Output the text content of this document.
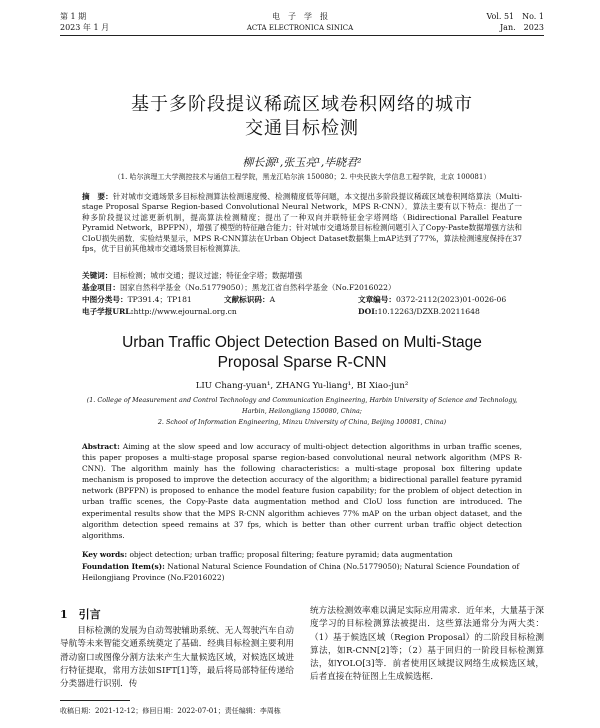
第 1 期
2023 年 1 月
电　子　学　报
ACTA ELECTRONICA SINICA
Vol. 51　No. 1
Jan.　2023
基于多阶段提议稀疏区域卷积网络的城市
交通目标检测
柳长源¹,张玉亮¹,毕晓君²
（1. 哈尔滨理工大学测控技术与通信工程学院，黑龙江哈尔滨 150080；2. 中央民族大学信息工程学院，北京 100081）
摘　要：针对城市交通场景多目标检测算法检测速度慢、检测精度低等问题，本文提出多阶段提议稀疏区域卷积网络算法（Multi-stage Proposal Sparse Region-based Convolutional Neural Network，MPS R-CNN）．算法主要有以下特点：提出了一种多阶段提议过滤更新机制，提高算法检测精度；提出了一种双向并联特征金字塔网络（Bidirectional Parallel Feature Pyramid Network，BPFPN），增强了模型的特征融合能力；针对城市交通场景目标检测问题引入了Copy-Paste数据增强方法和CIoU损失函数．实验结果显示，MPS R-CNN算法在Urban Object Dataset数据集上mAP达到了77%，算法检测速度保持在37 fps，优于目前其他城市交通场景目标检测算法．
关键词：目标检测；城市交通；提议过滤；特征金字塔；数据增强
基金项目：国家自然科学基金（No.51779050）；黑龙江省自然科学基金（No.F2016022）
中图分类号：TP391.4；TP181	文献标识码：A	文章编号：0372-2112(2023)01-0026-06
电子学报URL:http://www.ejournal.org.cn	DOI:10.12263/DZXB.20211648
Urban Traffic Object Detection Based on Multi-Stage
Proposal Sparse R-CNN
LIU Chang-yuan¹, ZHANG Yu-liang¹, BI Xiao-jun²
(1. College of Measurement and Control Technology and Communication Engineering, Harbin University of Science and Technology,
Harbin, Heilongjiang 150080, China;
2. School of Information Engineering, Minzu University of China, Beijing 100081, China)
Abstract: Aiming at the slow speed and low accuracy of multi-object detection algorithms in urban traffic scenes, this paper proposes a multi-stage proposal sparse region-based convolutional neural network algorithm (MPS R-CNN). The algorithm mainly has the following characteristics: a multi-stage proposal box filtering update mechanism is proposed to improve the detection accuracy of the algorithm; a bidirectional parallel feature pyramid network (BPFPN) is proposed to enhance the model feature fusion capability; for the problem of object detection in urban traffic scenes, the Copy-Paste data augmentation method and CIoU loss function are introduced. The experimental results show that the MPS R-CNN algorithm achieves 77% mAP on the urban object dataset, and the algorithm detection speed remains at 37 fps, which is better than other current urban traffic object detection algorithms.
Key words: object detection; urban traffic; proposal filtering; feature pyramid; data augmentation
Foundation Item(s): National Natural Science Foundation of China (No.51779050); Natural Science Foundation of Heilongjiang Province (No.F2016022)
1　引言
目标检测的发展为自动驾驶辅助系统、无人驾驶汽车自动导航等未来智能交通系统奠定了基础．经典目标检测主要利用滑动窗口或图像分割方法来产生大量候选区域，对候选区域进行特征提取，常用方法如SIFT[1]等，最后将局部特征传递给分类器进行识别．传
统方法检测效率难以满足实际应用需求．近年来，大量基于深度学习的目标检测算法被提出．这些算法通常分为两大类：（1）基于候选区域（Region Proposal）的二阶段目标检测算法，如R-CNN[2]等；（2）基于回归的一阶段目标检测算法，如YOLO[3]等．前者使用区域提议网络生成候选区域，后者直接在特征图上生成候选框．
收稿日期：2021-12-12；修回日期：2022-07-01；责任编辑：李周栋
